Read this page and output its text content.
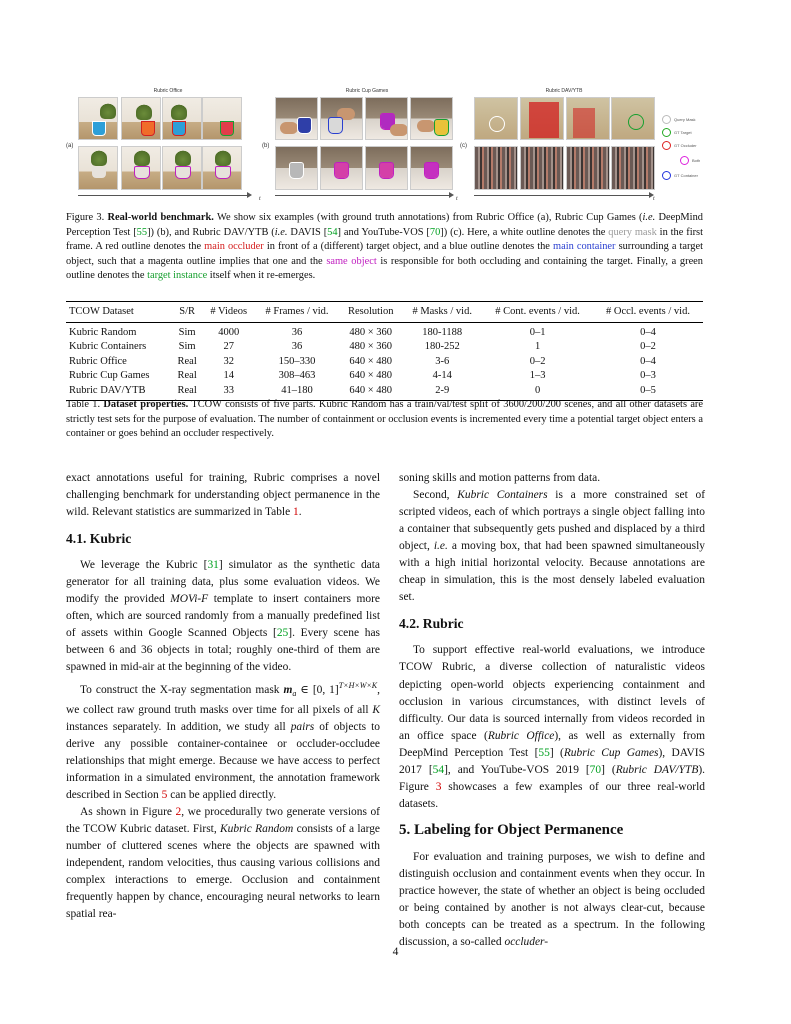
Rubric Office	Rubric Cup Games	Rubric DAV/YTB
(a)	(b)	(c)
t	t	t
Query Mask
GT Target
GT Occluder
Both
GT Container
Figure 3. Real-world benchmark. We show six examples (with ground truth annotations) from Rubric Office (a), Rubric Cup Games (i.e. DeepMind Perception Test [55]) (b), and Rubric DAV/YTB (i.e. DAVIS [54] and YouTube-VOS [70]) (c). Here, a white outline denotes the query mask in the first frame. A red outline denotes the main occluder in front of a (different) target object, and a blue outline denotes the main container surrounding a target object, such that a magenta outline implies that one and the same object is responsible for both occluding and containing the target. Finally, a green outline denotes the target instance itself when it re-emerges.
TCOW Dataset	S/R	# Videos	# Frames / vid.	Resolution	# Masks / vid.	# Cont. events / vid.	# Occl. events / vid.
Kubric Random	Sim	4000	36	480 × 360	180-1188	0–1	0–4
Kubric Containers	Sim	27	36	480 × 360	180-252	1	0–2
Rubric Office	Real	32	150–330	640 × 480	3-6	0–2	0–4
Rubric Cup Games	Real	14	308–463	640 × 480	4-14	1–3	0–3
Rubric DAV/YTB	Real	33	41–180	640 × 480	2-9	0	0–5
Table 1. Dataset properties. TCOW consists of five parts. Kubric Random has a train/val/test split of 3600/200/200 scenes, and all other datasets are strictly test sets for the purpose of evaluation. The number of containment or occlusion events is incremented every time a potential target object enters a container or goes behind an occluder respectively.

exact annotations useful for training, Rubric comprises a novel challenging benchmark for understanding object permanence in the wild. Relevant statistics are summarized in Table 1.

4.1. Kubric

We leverage the Kubric [31] simulator as the synthetic data generator for all training data, plus some evaluation videos. We modify the provided MOVi-F template to insert containers more often, which are sourced randomly from a manually predefined list of assets within Google Scanned Objects [25]. Every scene has between 6 and 36 objects in total; roughly one-third of them are spawned in mid-air at the beginning of the video.

To construct the X-ray segmentation mask $m_a$ ∈ [0, 1]$^{T\times H\times W\times K}$, we collect raw ground truth masks over time for all pixels of all K instances separately. In addition, we study all pairs of objects to derive any possible container-containee or occluder-occludee relationships that might emerge. Because we have access to perfect information in a simulated environment, the annotation framework described in Section 5 can be applied directly.

As shown in Figure 2, we procedurally two generate versions of the TCOW Kubric dataset. First, Kubric Random consists of a large number of cluttered scenes where the objects are spawned with independent, random velocities, thus causing various collisions and complex interactions to emerge. Occlusion and containment frequently happen by chance, encouraging neural networks to learn spatial rea-

soning skills and motion patterns from data.

Second, Kubric Containers is a more constrained set of scripted videos, each of which portrays a single object falling into a container that subsequently gets pushed and displaced by a third object, i.e. a moving box, that had been spawned simultaneously with a high initial horizontal velocity. Because annotations are cheap in simulation, this is the most densely labeled evaluation set.

4.2. Rubric

To support effective real-world evaluations, we introduce TCOW Rubric, a diverse collection of naturalistic videos depicting open-world objects experiencing containment and occlusion in various circumstances, with distinct levels of difficulty. Our data is sourced internally from videos recorded in an office space (Rubric Office), as well as externally from DeepMind Perception Test [55] (Rubric Cup Games), DAVIS 2017 [54], and YouTube-VOS 2019 [70] (Rubric DAV/YTB). Figure 3 showcases a few examples of our three real-world datasets.

5. Labeling for Object Permanence

For evaluation and training purposes, we wish to define and distinguish occlusion and containment events when they occur. In practice however, the state of whether an object is being occluded or being contained by another is not always clear-cut, because both concepts can be treated as a spectrum. In the following discussion, a so-called occluder-

4
